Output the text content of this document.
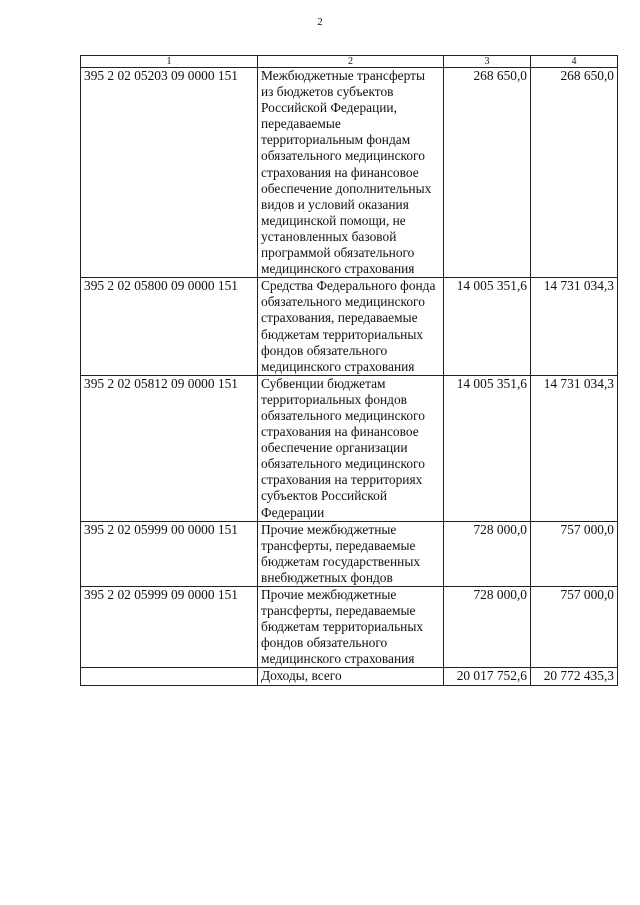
2
1	2	3	4
395 2 02 05203 09 0000 151	Межбюджетные трансферты из бюджетов субъектов Российской Федерации, передаваемые территориальным фондам обязательного медицинского страхования на финансовое обеспечение дополнительных видов и условий оказания медицинской помощи, не установленных базовой программой обязательного медицинского страхования	268 650,0	268 650,0
395 2 02 05800 09 0000 151	Средства Федерального фонда обязательного медицинского страхования, передаваемые бюджетам территориальных фондов обязательного медицинского страхования	14 005 351,6	14 731 034,3
395 2 02 05812 09 0000 151	Субвенции бюджетам территориальных фондов обязательного медицинского страхования на финансовое обеспечение организации обязательного медицинского страхования на территориях субъектов Российской Федерации	14 005 351,6	14 731 034,3
395 2 02 05999 00 0000 151	Прочие межбюджетные трансферты, передаваемые бюджетам государственных внебюджетных фондов	728 000,0	757 000,0
395 2 02 05999 09 0000 151	Прочие межбюджетные трансферты, передаваемые бюджетам территориальных фондов обязательного медицинского страхования	728 000,0	757 000,0
	Доходы, всего	20 017 752,6	20 772 435,3
